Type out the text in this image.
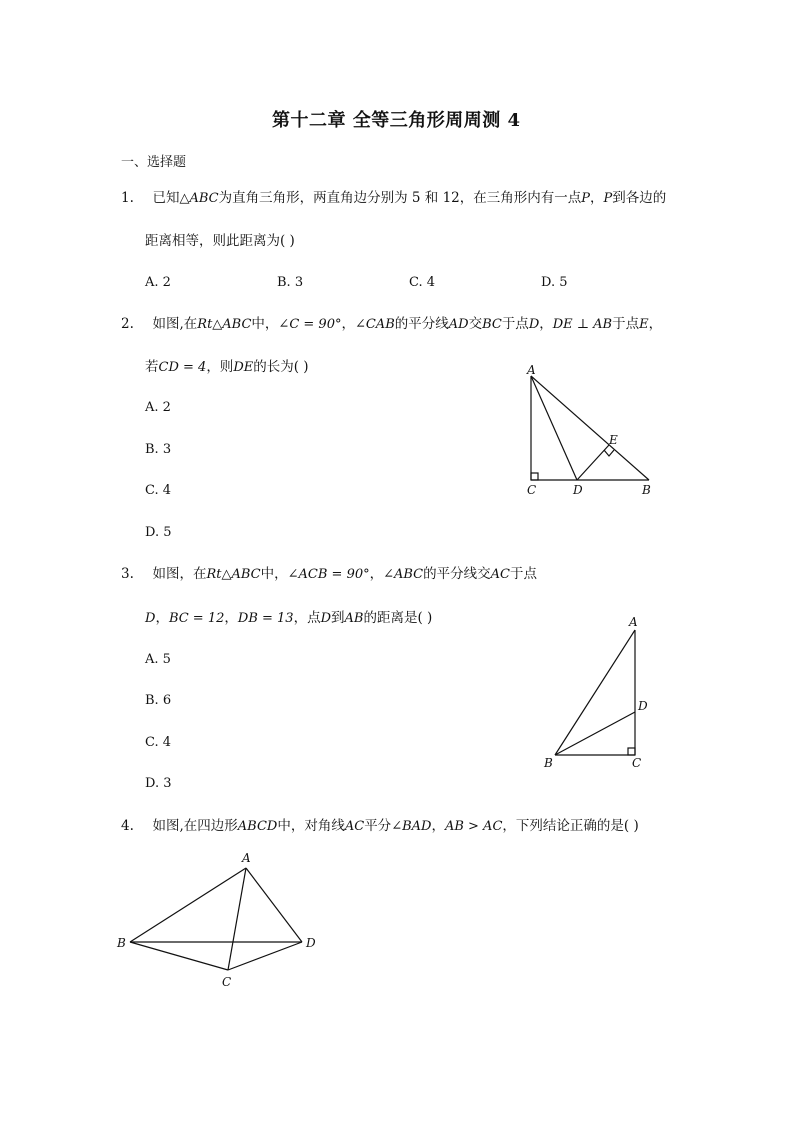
第十二章 全等三角形周周测 4
一、选择题
1. 已知△ABC为直角三角形，两直角边分别为 5 和 12，在三角形内有一点P，P到各边的
距离相等，则此距离为( )
A. 2	B. 3	C. 4	D. 5
2. 如图,在Rt△ABC中，∠C = 90°，∠CAB的平分线AD交BC于点D，DE ⊥ AB于点E，
若CD = 4，则DE的长为( )
A. 2
B. 3
C. 4
D. 5
A
E
C	D	B
3. 如图，在Rt△ABC中，∠ACB = 90°，∠ABC的平分线交AC于点
D，BC = 12，DB = 13，点D到AB的距离是( )
A. 5
B. 6
C. 4
D. 3
A
D
B	C
4. 如图,在四边形ABCD中，对角线AC平分∠BAD，AB > AC，下列结论正确的是( )
A
B	D
C
